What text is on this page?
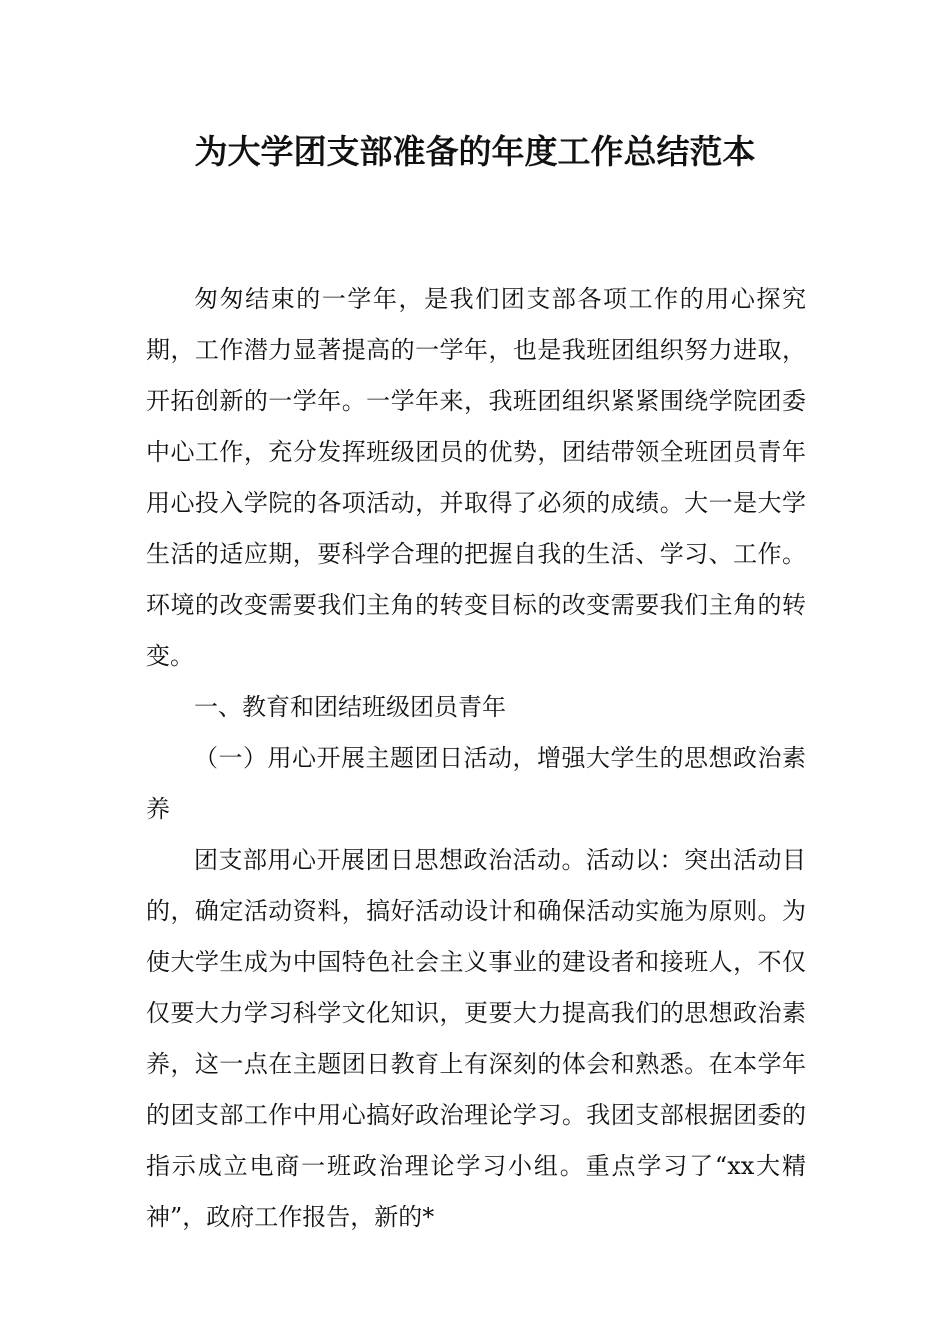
为大学团支部准备的年度工作总结范本

匆匆结束的一学年，是我们团支部各项工作的用心探究期，工作潜力显著提高的一学年，也是我班团组织努力进取，开拓创新的一学年。一学年来，我班团组织紧紧围绕学院团委中心工作，充分发挥班级团员的优势，团结带领全班团员青年用心投入学院的各项活动，并取得了必须的成绩。大一是大学生活的适应期，要科学合理的把握自我的生活、学习、工作。环境的改变需要我们主角的转变目标的改变需要我们主角的转变。

一、教育和团结班级团员青年

（一）用心开展主题团日活动，增强大学生的思想政治素养

团支部用心开展团日思想政治活动。活动以：突出活动目的，确定活动资料，搞好活动设计和确保活动实施为原则。为使大学生成为中国特色社会主义事业的建设者和接班人，不仅仅要大力学习科学文化知识，更要大力提高我们的思想政治素养，这一点在主题团日教育上有深刻的体会和熟悉。在本学年的团支部工作中用心搞好政治理论学习。我团支部根据团委的指示成立电商一班政治理论学习小组。重点学习了“xx大精神”，政府工作报告，新的*
